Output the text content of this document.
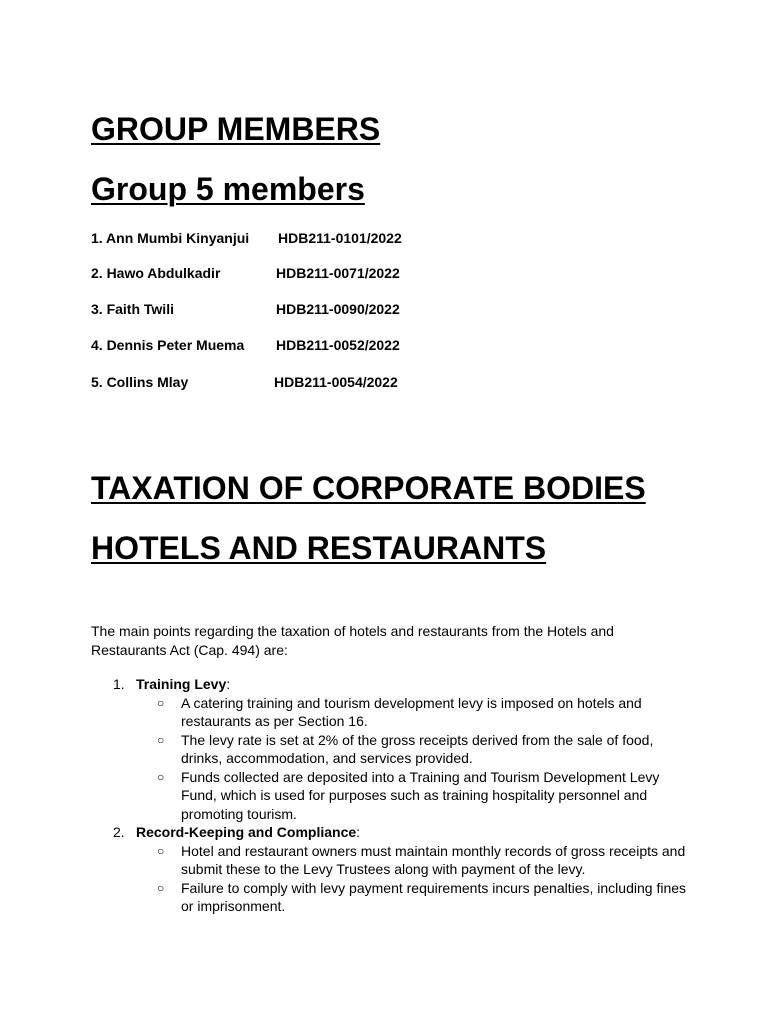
GROUP MEMBERS
Group 5 members
1. Ann Mumbi Kinyanjui HDB211-0101/2022
2. Hawo Abdulkadir	HDB211-0071/2022
3. Faith Twili	HDB211-0090/2022
4. Dennis Peter Muema HDB211-0052/2022
5. Collins Mlay	HDB211-0054/2022
TAXATION OF CORPORATE BODIES
HOTELS AND RESTAURANTS

The main points regarding the taxation of hotels and restaurants from the Hotels and Restaurants Act (Cap. 494) are:

1. Training Levy:
○ A catering training and tourism development levy is imposed on hotels and restaurants as per Section 16.
○ The levy rate is set at 2% of the gross receipts derived from the sale of food, drinks, accommodation, and services provided.
○ Funds collected are deposited into a Training and Tourism Development Levy Fund, which is used for purposes such as training hospitality personnel and promoting tourism.
2. Record-Keeping and Compliance:
○ Hotel and restaurant owners must maintain monthly records of gross receipts and submit these to the Levy Trustees along with payment of the levy.
○ Failure to comply with levy payment requirements incurs penalties, including fines or imprisonment.
